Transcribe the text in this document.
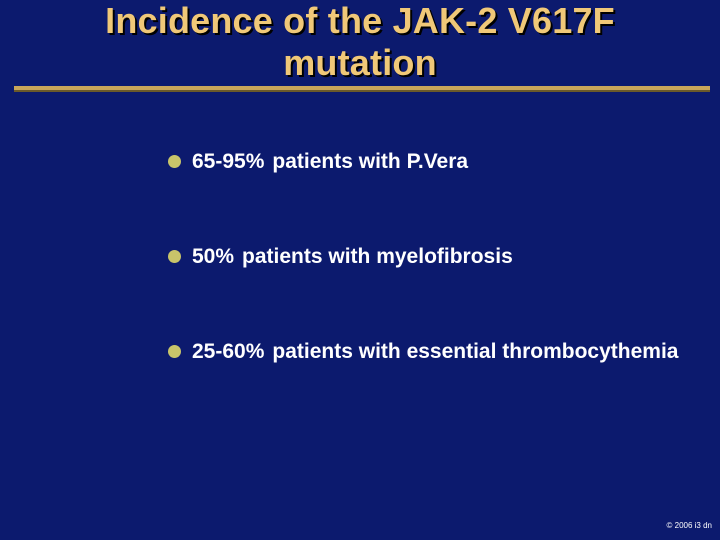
Incidence of the JAK-2 V617F
mutation
65-95% patients with P.Vera
50% patients with myelofibrosis
25-60% patients with essential thrombocythemia
© 2006 i3 dn
